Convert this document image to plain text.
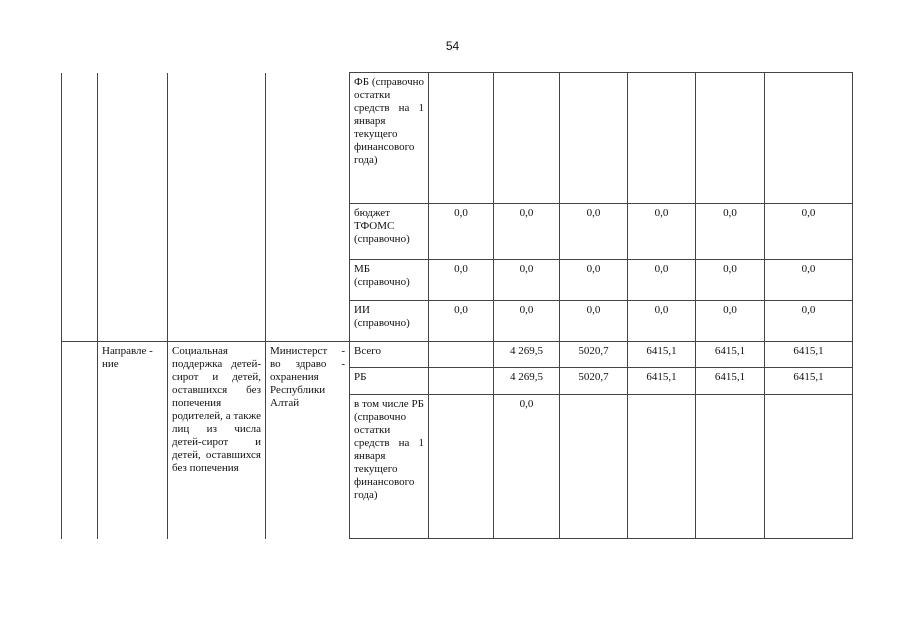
54
				ФБ (справочно остатки средств на 1 января текущего финансового года)						
				бюджет ТФОМС (справочно)	0,0	0,0	0,0	0,0	0,0	0,0
				МБ (справочно)	0,0	0,0	0,0	0,0	0,0	0,0
				ИИ (справочно)	0,0	0,0	0,0	0,0	0,0	0,0
	Направле - ние	Социальная поддержка детей-сирот и детей, оставшихся без попечения родителей, а также лиц из числа детей-сирот и детей, оставшихся без попечения	Министерст - во здраво - охранения Республики Алтай	Всего		4 269,5	5020,7	6415,1	6415,1	6415,1
				РБ		4 269,5	5020,7	6415,1	6415,1	6415,1
				в том числе РБ (справочно остатки средств на 1 января текущего финансового года)		0,0				
